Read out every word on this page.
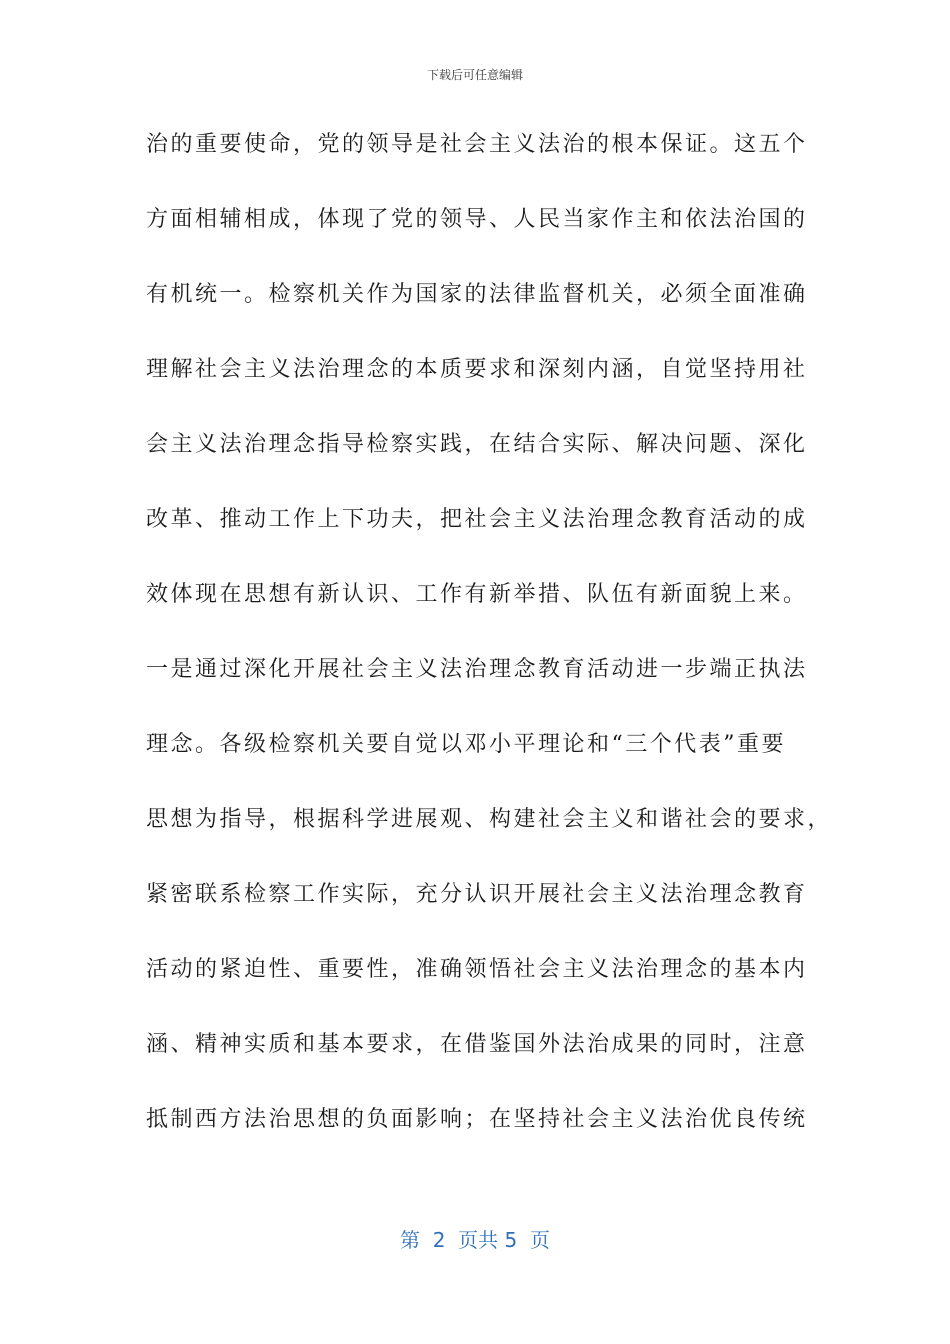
下载后可任意编辑
治的重要使命，党的领导是社会主义法治的根本保证。这五个
方面相辅相成，体现了党的领导、人民当家作主和依法治国的
有机统一。检察机关作为国家的法律监督机关，必须全面准确
理解社会主义法治理念的本质要求和深刻内涵，自觉坚持用社
会主义法治理念指导检察实践，在结合实际、解决问题、深化
改革、推动工作上下功夫，把社会主义法治理念教育活动的成
效体现在思想有新认识、工作有新举措、队伍有新面貌上来。
一是通过深化开展社会主义法治理念教育活动进一步端正执法
理念。各级检察机关要自觉以邓小平理论和“三个代表”重要
思想为指导，根据科学进展观、构建社会主义和谐社会的要求，
紧密联系检察工作实际，充分认识开展社会主义法治理念教育
活动的紧迫性、重要性，准确领悟社会主义法治理念的基本内
涵、精神实质和基本要求，在借鉴国外法治成果的同时，注意
抵制西方法治思想的负面影响；在坚持社会主义法治优良传统
第  2  页共 5  页
